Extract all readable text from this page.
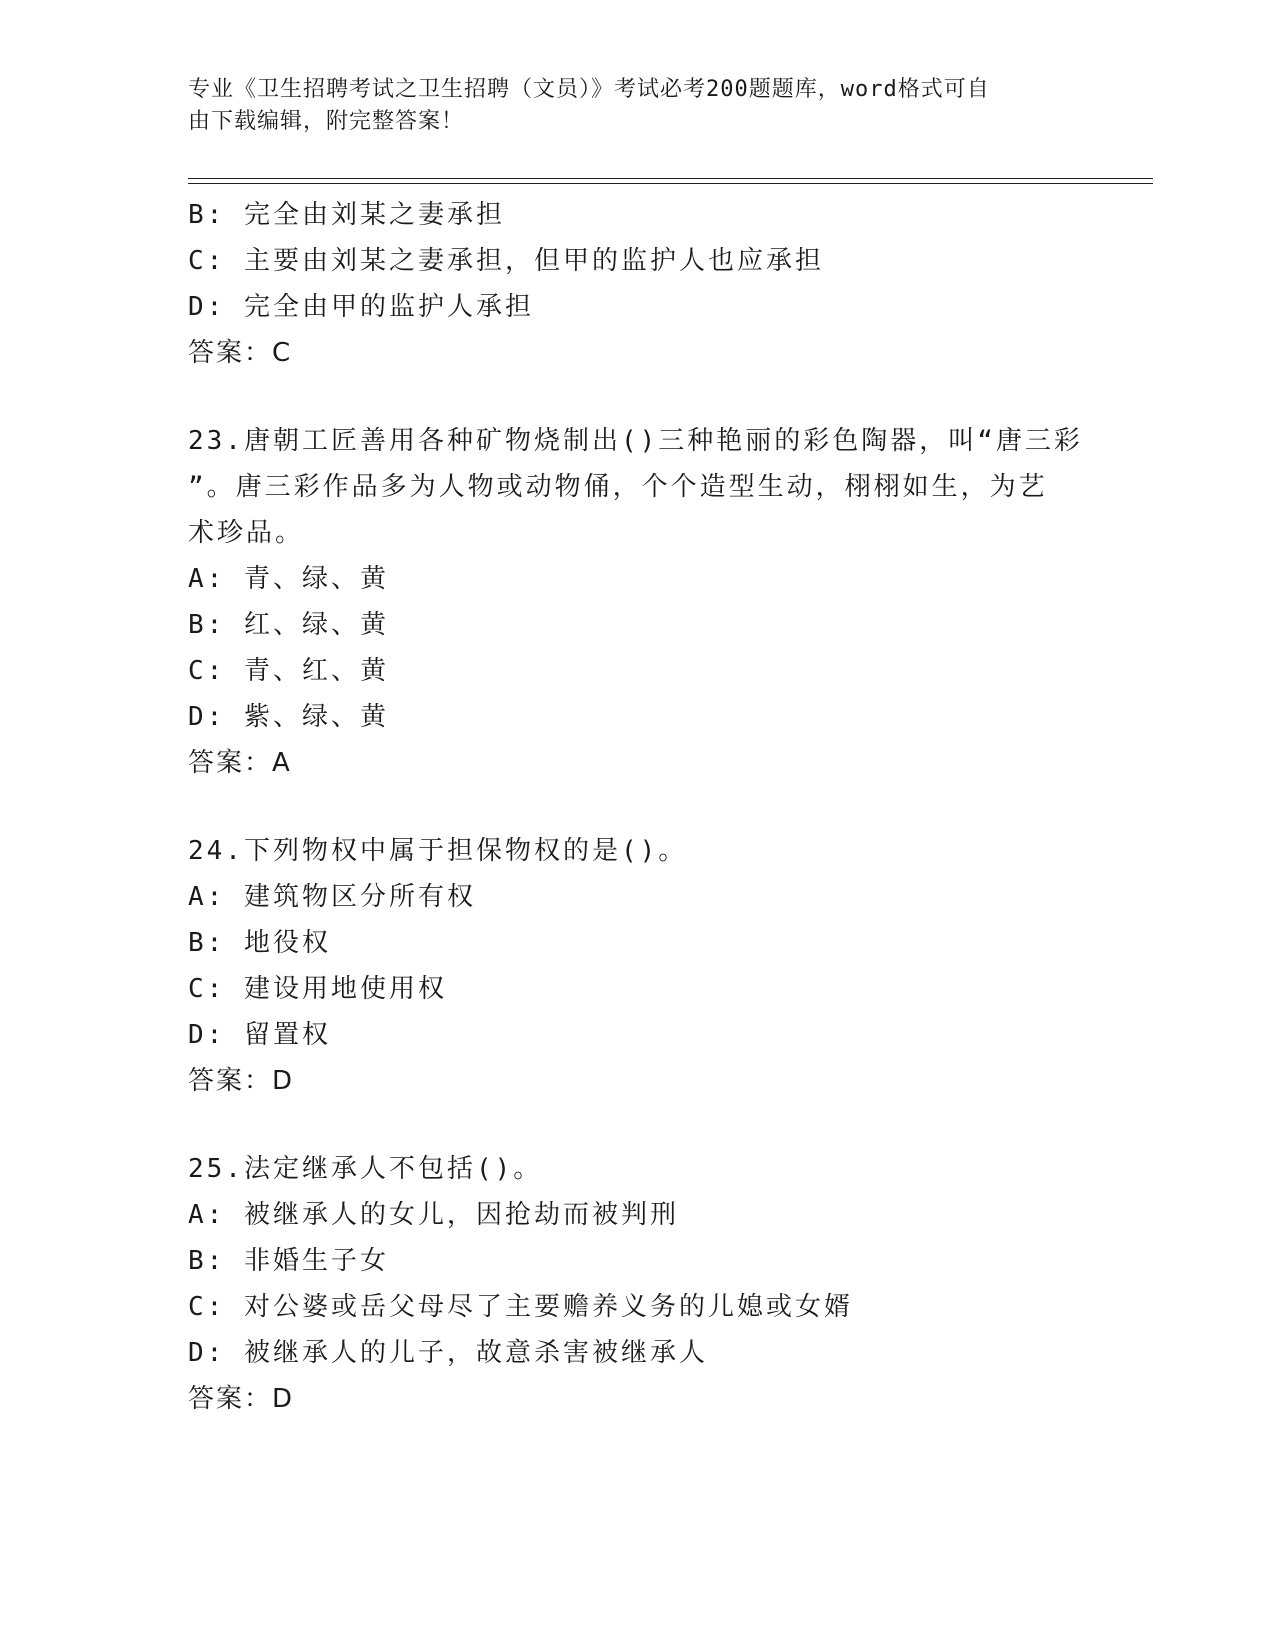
专业《卫生招聘考试之卫生招聘（文员）》考试必考200题题库，word格式可自
由下载编辑，附完整答案！
B: 完全由刘某之妻承担
C: 主要由刘某之妻承担，但甲的监护人也应承担
D: 完全由甲的监护人承担
答案：C
23.唐朝工匠善用各种矿物烧制出()三种艳丽的彩色陶器，叫“唐三彩
”。唐三彩作品多为人物或动物俑，个个造型生动，栩栩如生，为艺
术珍品。
A: 青、绿、黄
B: 红、绿、黄
C: 青、红、黄
D: 紫、绿、黄
答案：A
24.下列物权中属于担保物权的是()。
A: 建筑物区分所有权
B: 地役权
C: 建设用地使用权
D: 留置权
答案：D
25.法定继承人不包括()。
A: 被继承人的女儿，因抢劫而被判刑
B: 非婚生子女
C: 对公婆或岳父母尽了主要赡养义务的儿媳或女婿
D: 被继承人的儿子，故意杀害被继承人
答案：D
